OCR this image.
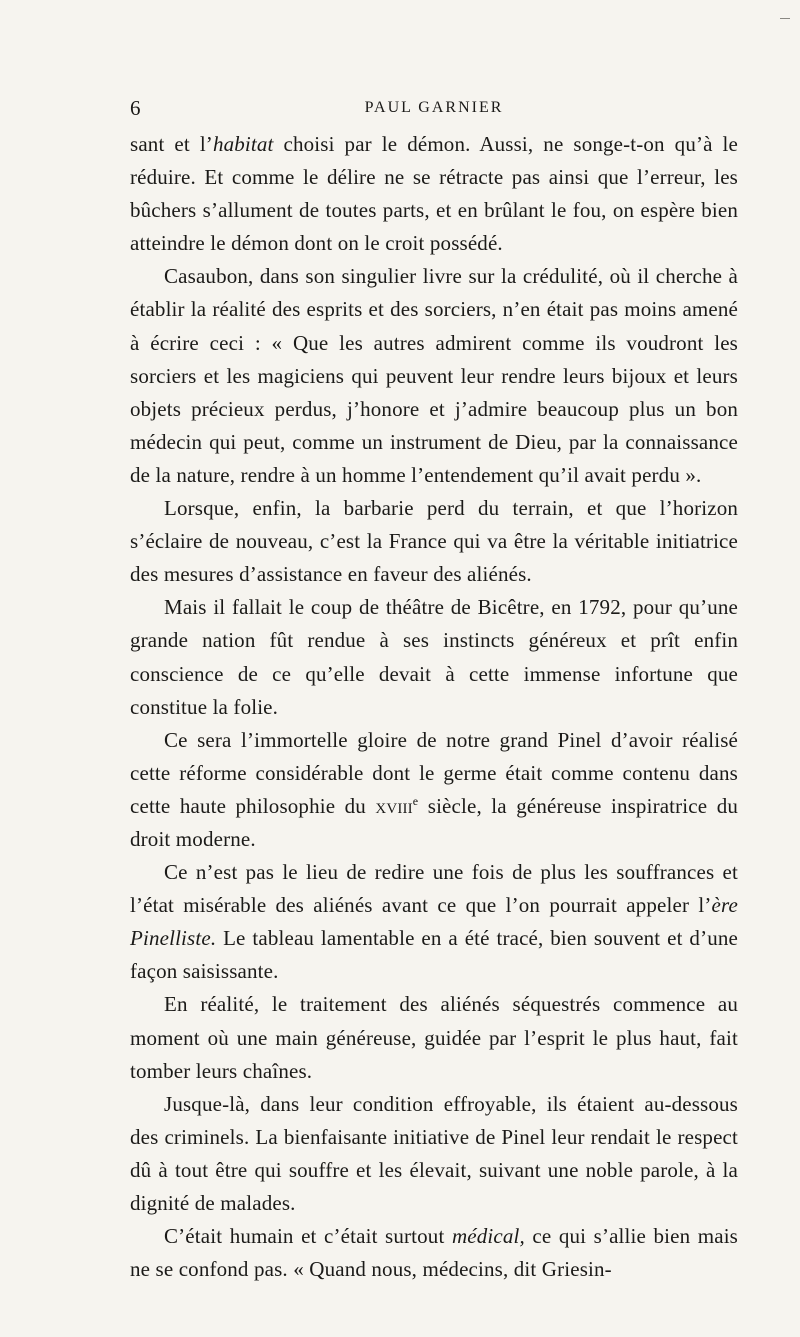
6	PAUL GARNIER

sant et l’habitat choisi par le démon. Aussi, ne songe-t-on qu’à le réduire. Et comme le délire ne se rétracte pas ainsi que l’erreur, les bûchers s’allument de toutes parts, et en brûlant le fou, on espère bien atteindre le démon dont on le croit possédé.

Casaubon, dans son singulier livre sur la crédulité, où il cherche à établir la réalité des esprits et des sorciers, n’en était pas moins amené à écrire ceci : « Que les autres admirent comme ils voudront les sorciers et les magiciens qui peuvent leur rendre leurs bijoux et leurs objets précieux perdus, j’honore et j’admire beaucoup plus un bon médecin qui peut, comme un instrument de Dieu, par la connaissance de la nature, rendre à un homme l’entendement qu’il avait perdu ».

Lorsque, enfin, la barbarie perd du terrain, et que l’horizon s’éclaire de nouveau, c’est la France qui va être la véritable initiatrice des mesures d’assistance en faveur des aliénés.

Mais il fallait le coup de théâtre de Bicêtre, en 1792, pour qu’une grande nation fût rendue à ses instincts généreux et prît enfin conscience de ce qu’elle devait à cette immense infortune que constitue la folie.

Ce sera l’immortelle gloire de notre grand Pinel d’avoir réalisé cette réforme considérable dont le germe était comme contenu dans cette haute philosophie du xviii$^e$ siècle, la généreuse inspiratrice du droit moderne.

Ce n’est pas le lieu de redire une fois de plus les souffrances et l’état misérable des aliénés avant ce que l’on pourrait appeler l’ère Pinelliste. Le tableau lamentable en a été tracé, bien souvent et d’une façon saisissante.

En réalité, le traitement des aliénés séquestrés commence au moment où une main généreuse, guidée par l’esprit le plus haut, fait tomber leurs chaînes.

Jusque-là, dans leur condition effroyable, ils étaient au-dessous des criminels. La bienfaisante initiative de Pinel leur rendait le respect dû à tout être qui souffre et les élevait, suivant une noble parole, à la dignité de malades.

C’était humain et c’était surtout médical, ce qui s’allie bien mais ne se confond pas. « Quand nous, médecins, dit Griesin-
